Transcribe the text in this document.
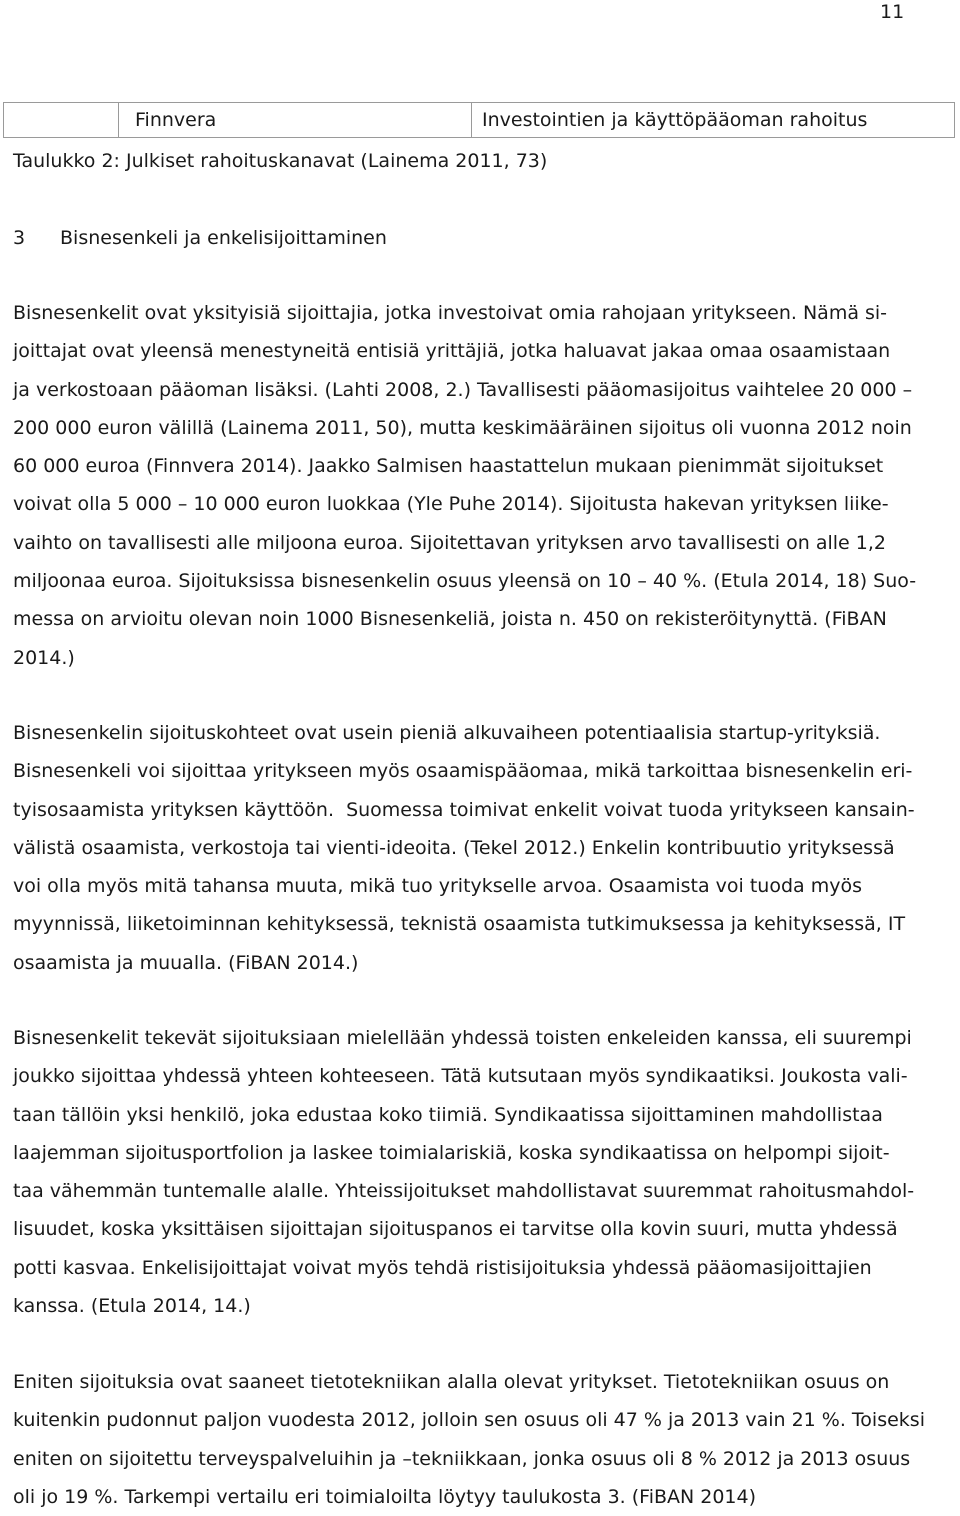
11
Finnvera	Investointien ja käyttöpääoman rahoitus
Taulukko 2: Julkiset rahoituskanavat (Lainema 2011, 73)
3 Bisnesenkeli ja enkelisijoittaminen
Bisnesenkelit ovat yksityisiä sijoittajia, jotka investoivat omia rahojaan yritykseen. Nämä si-
joittajat ovat yleensä menestyneitä entisiä yrittäjiä, jotka haluavat jakaa omaa osaamistaan
ja verkostoaan pääoman lisäksi. (Lahti 2008, 2.) Tavallisesti pääomasijoitus vaihtelee 20 000 –
200 000 euron välillä (Lainema 2011, 50), mutta keskimääräinen sijoitus oli vuonna 2012 noin
60 000 euroa (Finnvera 2014). Jaakko Salmisen haastattelun mukaan pienimmät sijoitukset
voivat olla 5 000 – 10 000 euron luokkaa (Yle Puhe 2014). Sijoitusta hakevan yrityksen liike-
vaihto on tavallisesti alle miljoona euroa. Sijoitettavan yrityksen arvo tavallisesti on alle 1,2
miljoonaa euroa. Sijoituksissa bisnesenkelin osuus yleensä on 10 – 40 %. (Etula 2014, 18) Suo-
messa on arvioitu olevan noin 1000 Bisnesenkeliä, joista n. 450 on rekisteröitynyttä. (FiBAN
2014.)
Bisnesenkelin sijoituskohteet ovat usein pieniä alkuvaiheen potentiaalisia startup-yrityksiä.
Bisnesenkeli voi sijoittaa yritykseen myös osaamispääomaa, mikä tarkoittaa bisnesenkelin eri-
tyisosaamista yrityksen käyttöön.  Suomessa toimivat enkelit voivat tuoda yritykseen kansain-
välistä osaamista, verkostoja tai vienti-ideoita. (Tekel 2012.) Enkelin kontribuutio yrityksessä
voi olla myös mitä tahansa muuta, mikä tuo yritykselle arvoa. Osaamista voi tuoda myös
myynnissä, liiketoiminnan kehityksessä, teknistä osaamista tutkimuksessa ja kehityksessä, IT
osaamista ja muualla. (FiBAN 2014.)
Bisnesenkelit tekevät sijoituksiaan mielellään yhdessä toisten enkeleiden kanssa, eli suurempi
joukko sijoittaa yhdessä yhteen kohteeseen. Tätä kutsutaan myös syndikaatiksi. Joukosta vali-
taan tällöin yksi henkilö, joka edustaa koko tiimiä. Syndikaatissa sijoittaminen mahdollistaa
laajemman sijoitusportfolion ja laskee toimialariskiä, koska syndikaatissa on helpompi sijoit-
taa vähemmän tuntemalle alalle. Yhteissijoitukset mahdollistavat suuremmat rahoitusmahdol-
lisuudet, koska yksittäisen sijoittajan sijoituspanos ei tarvitse olla kovin suuri, mutta yhdessä
potti kasvaa. Enkelisijoittajat voivat myös tehdä ristisijoituksia yhdessä pääomasijoittajien
kanssa. (Etula 2014, 14.)
Eniten sijoituksia ovat saaneet tietotekniikan alalla olevat yritykset. Tietotekniikan osuus on
kuitenkin pudonnut paljon vuodesta 2012, jolloin sen osuus oli 47 % ja 2013 vain 21 %. Toiseksi
eniten on sijoitettu terveyspalveluihin ja –tekniikkaan, jonka osuus oli 8 % 2012 ja 2013 osuus
oli jo 19 %. Tarkempi vertailu eri toimialoilta löytyy taulukosta 3. (FiBAN 2014)
